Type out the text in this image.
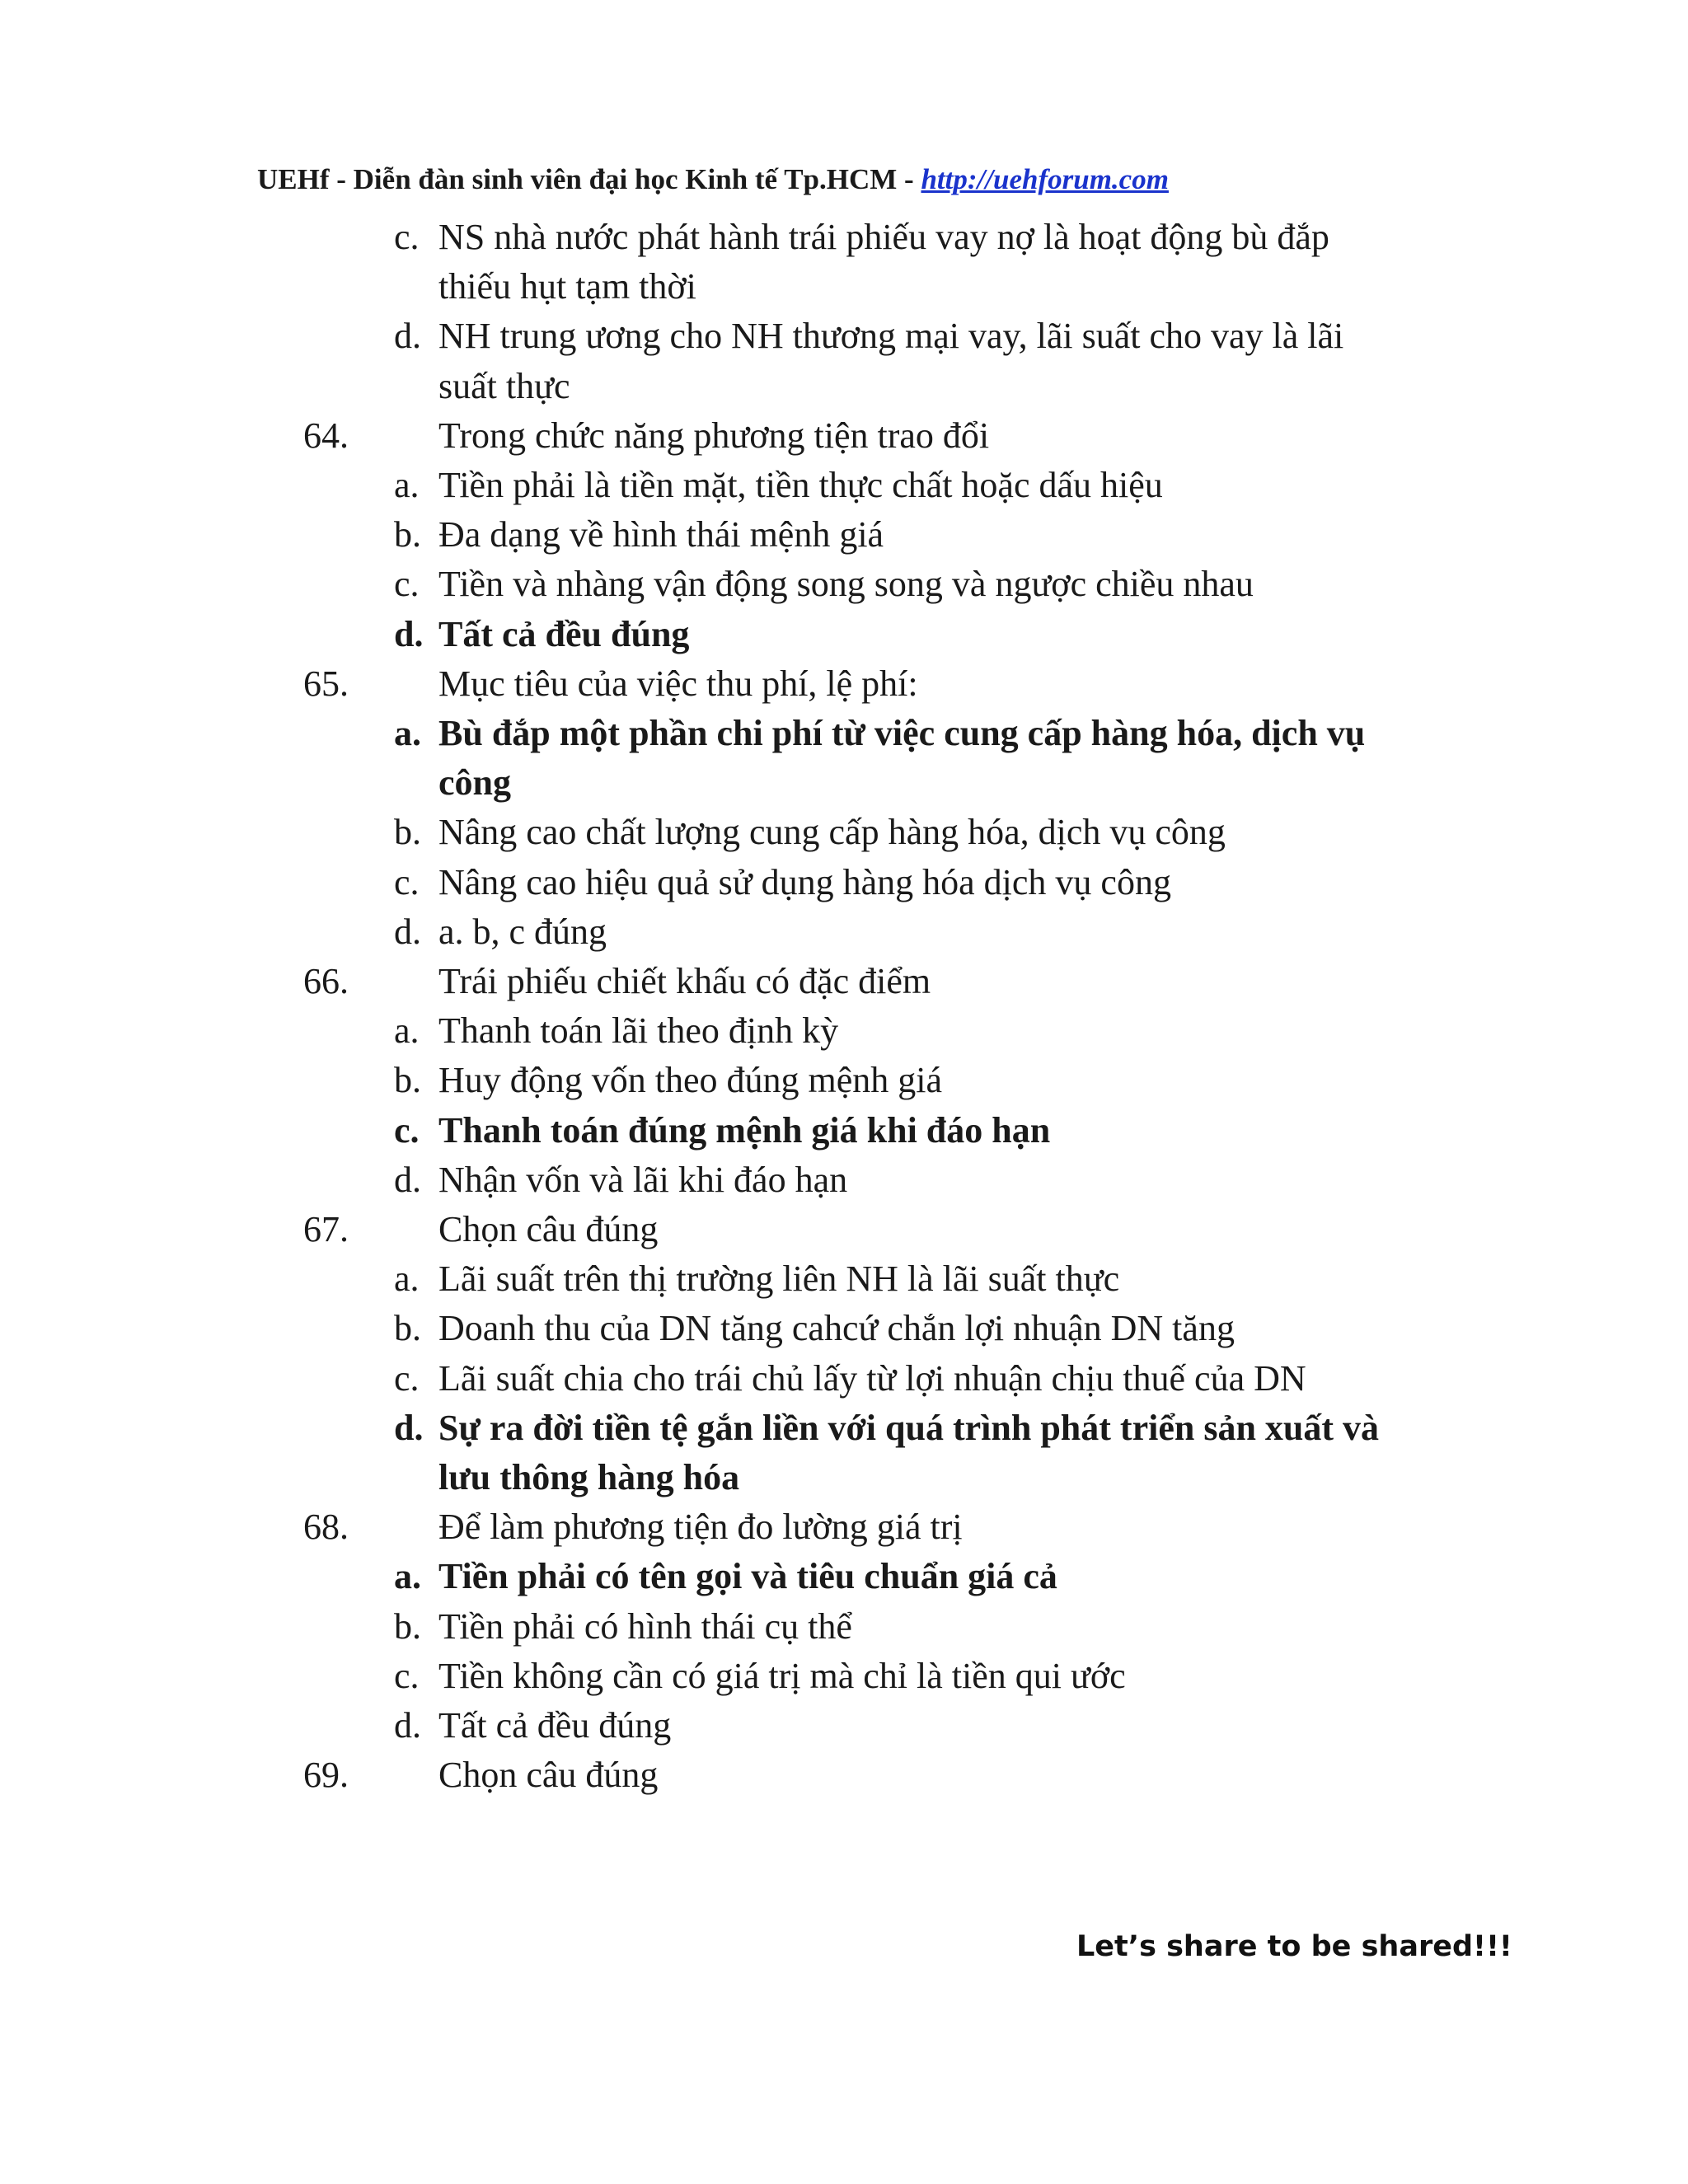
UEHf - Diễn đàn sinh viên đại học Kinh tế Tp.HCM - http://uehforum.com
c. NS nhà nước phát hành trái phiếu vay nợ là hoạt động bù đắp
thiếu hụt tạm thời
d. NH trung ương cho NH thương mại vay, lãi suất cho vay là lãi
suất thực
64. Trong chức năng phương tiện trao đổi
a. Tiền phải là tiền mặt, tiền thực chất hoặc dấu hiệu
b. Đa dạng về hình thái mệnh giá
c. Tiền và nhàng vận động song song và ngược chiều nhau
d. Tất cả đều đúng
65. Mục tiêu của việc thu phí, lệ phí:
a. Bù đắp một phần chi phí từ việc cung cấp hàng hóa, dịch vụ
công
b. Nâng cao chất lượng cung cấp hàng hóa, dịch vụ công
c. Nâng cao hiệu quả sử dụng hàng hóa dịch vụ công
d. a. b, c đúng
66. Trái phiếu chiết khấu có đặc điểm
a. Thanh toán lãi theo định kỳ
b. Huy động vốn theo đúng mệnh giá
c. Thanh toán đúng mệnh giá khi đáo hạn
d. Nhận vốn và lãi khi đáo hạn
67. Chọn câu đúng
a. Lãi suất trên thị trường liên NH là lãi suất thực
b. Doanh thu của DN tăng cahcứ chắn lợi nhuận DN tăng
c. Lãi suất chia cho trái chủ lấy từ lợi nhuận chịu thuế của DN
d. Sự ra đời tiền tệ gắn liền với quá trình phát triển sản xuất và
lưu thông hàng hóa
68. Để làm phương tiện đo lường giá trị
a. Tiền phải có tên gọi và tiêu chuẩn giá cả
b. Tiền phải có hình thái cụ thể
c. Tiền không cần có giá trị mà chỉ là tiền qui ước
d. Tất cả đều đúng
69. Chọn câu đúng
Let’s share to be shared!!!
